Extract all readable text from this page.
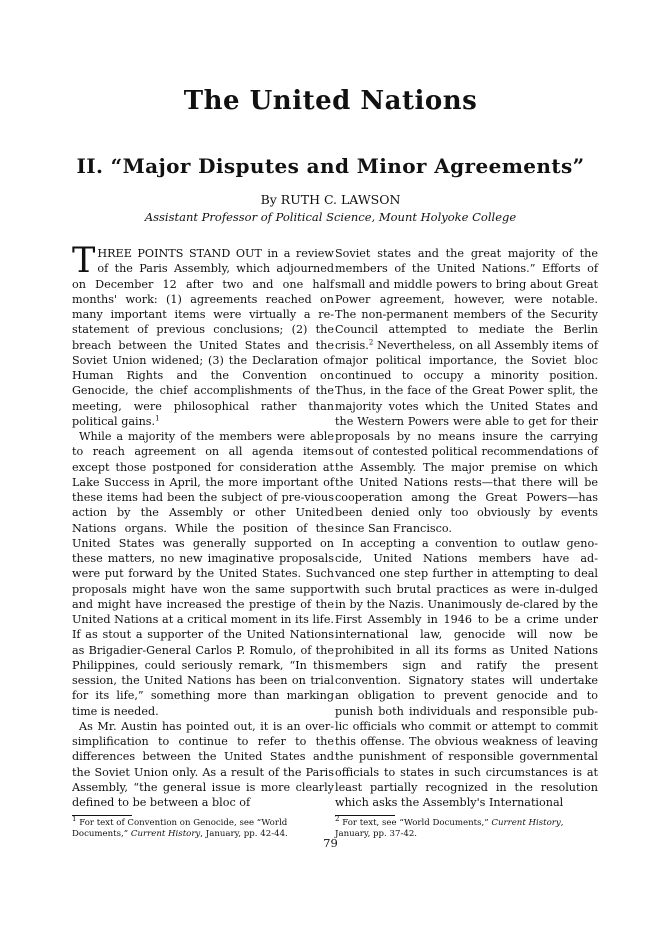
The United Nations
II. “Major Disputes and Minor Agreements”

By RUTH C. LAWSON

Assistant Professor of Political Science, Mount Holyoke College

THREE POINTS STAND OUT in a review of the Paris Assembly, which adjourned on December 12 after two and one half months' work: (1) agreements reached on many important items were virtually a re-statement of previous conclusions; (2) the breach between the United States and the Soviet Union widened; (3) the Declaration of Human Rights and the Convention on Genocide, the chief accomplishments of the meeting, were philosophical rather than political gains.$^1$

While a majority of the members were able to reach agreement on all agenda items except those postponed for consideration at Lake Success in April, the more important of these items had been the subject of pre-vious action by the Assembly or other United Nations organs. While the position of the United States was generally supported on these matters, no new imaginative proposals were put forward by the United States. Such proposals might have won the same support and might have increased the prestige of the United Nations at a critical moment in its life. If as stout a supporter of the United Nations as Brigadier-General Carlos P. Romulo, of the Philippines, could seriously remark, “In this session, the United Nations has been on trial for its life,” something more than marking time is needed.

As Mr. Austin has pointed out, it is an over-simplification to continue to refer to the differences between the United States and the Soviet Union only. As a result of the Paris Assembly, “the general issue is more clearly defined to be between a bloc of

Soviet states and the great majority of the members of the United Nations.” Efforts of small and middle powers to bring about Great Power agreement, however, were notable. The non-permanent members of the Security Council attempted to mediate the Berlin crisis.$^2$ Nevertheless, on all Assembly items of major political importance, the Soviet bloc continued to occupy a minority position. Thus, in the face of the Great Power split, the majority votes which the United States and the Western Powers were able to get for their proposals by no means insure the carrying out of contested political recommendations of the Assembly. The major premise on which the United Nations rests—that there will be cooperation among the Great Powers—has been denied only too obviously by events since San Francisco.

In accepting a convention to outlaw geno-cide, United Nations members have ad-vanced one step further in attempting to deal with such brutal practices as were in-dulged in by the Nazis. Unanimously de-clared by the First Assembly in 1946 to be a crime under international law, genocide will now be prohibited in all its forms as United Nations members sign and ratify the present convention. Signatory states will undertake an obligation to prevent genocide and to punish both individuals and responsible pub-lic officials who commit or attempt to commit this offense. The obvious weakness of leaving the punishment of responsible governmental officials to states in such circumstances is at least partially recognized in the resolution which asks the Assembly's International

$^1$ For text of Convention on Genocide, see “World Documents,” Current History, January, pp. 42-44.

$^2$ For text, see “World Documents,” Current History, January, pp. 37-42.

79
